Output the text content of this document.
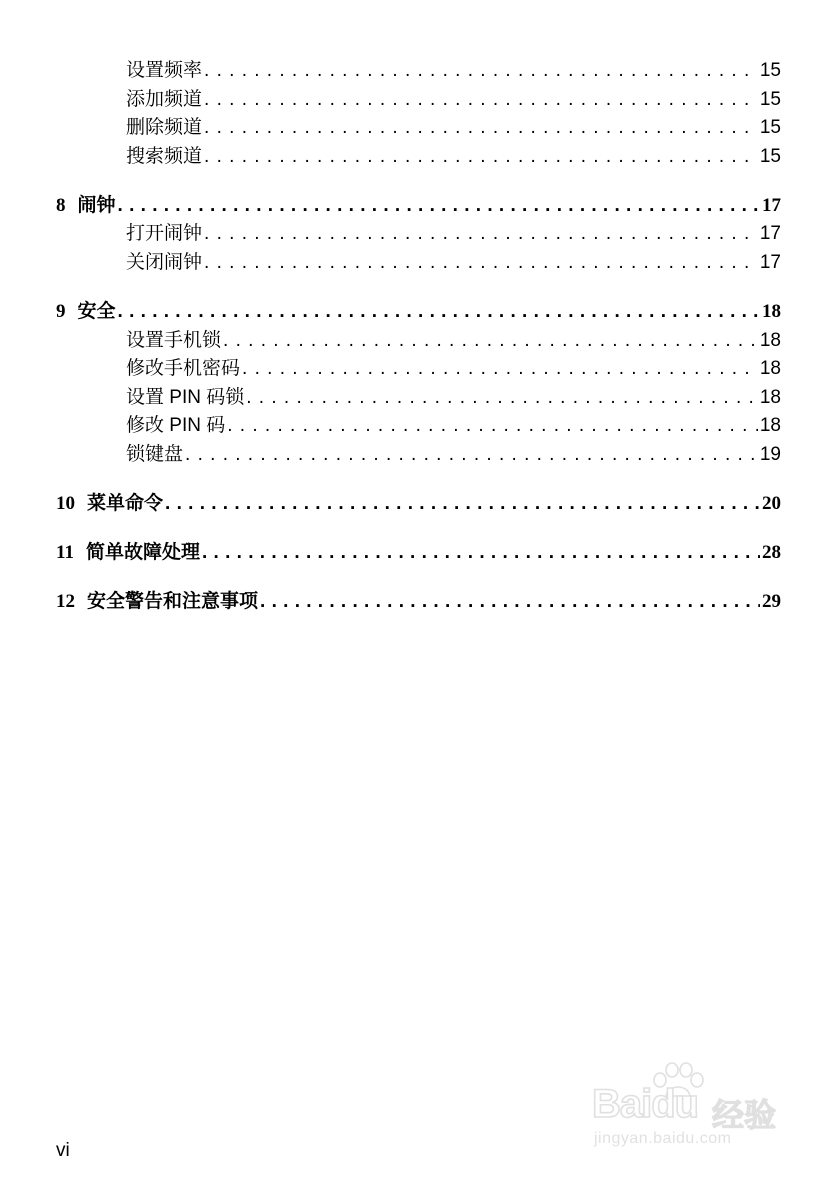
设置频率 . . .	15
添加频道 . . .	15
删除频道 . . .	15
搜索频道 . . .	15
8 闹钟 . . .	17
打开闹钟 . . .	17
关闭闹钟 . . .	17
9 安全 . . .	18
设置手机锁 . . .	18
修改手机密码 . . .	18
设置 PIN 码锁 . . .	18
修改 PIN 码 . . .	18
锁键盘 . . .	19
10 菜单命令 . . .	20
11 简单故障处理 . . .	28
12 安全警告和注意事项 . . .	29
vi
Baidu 经验
jingyan.baidu.com
